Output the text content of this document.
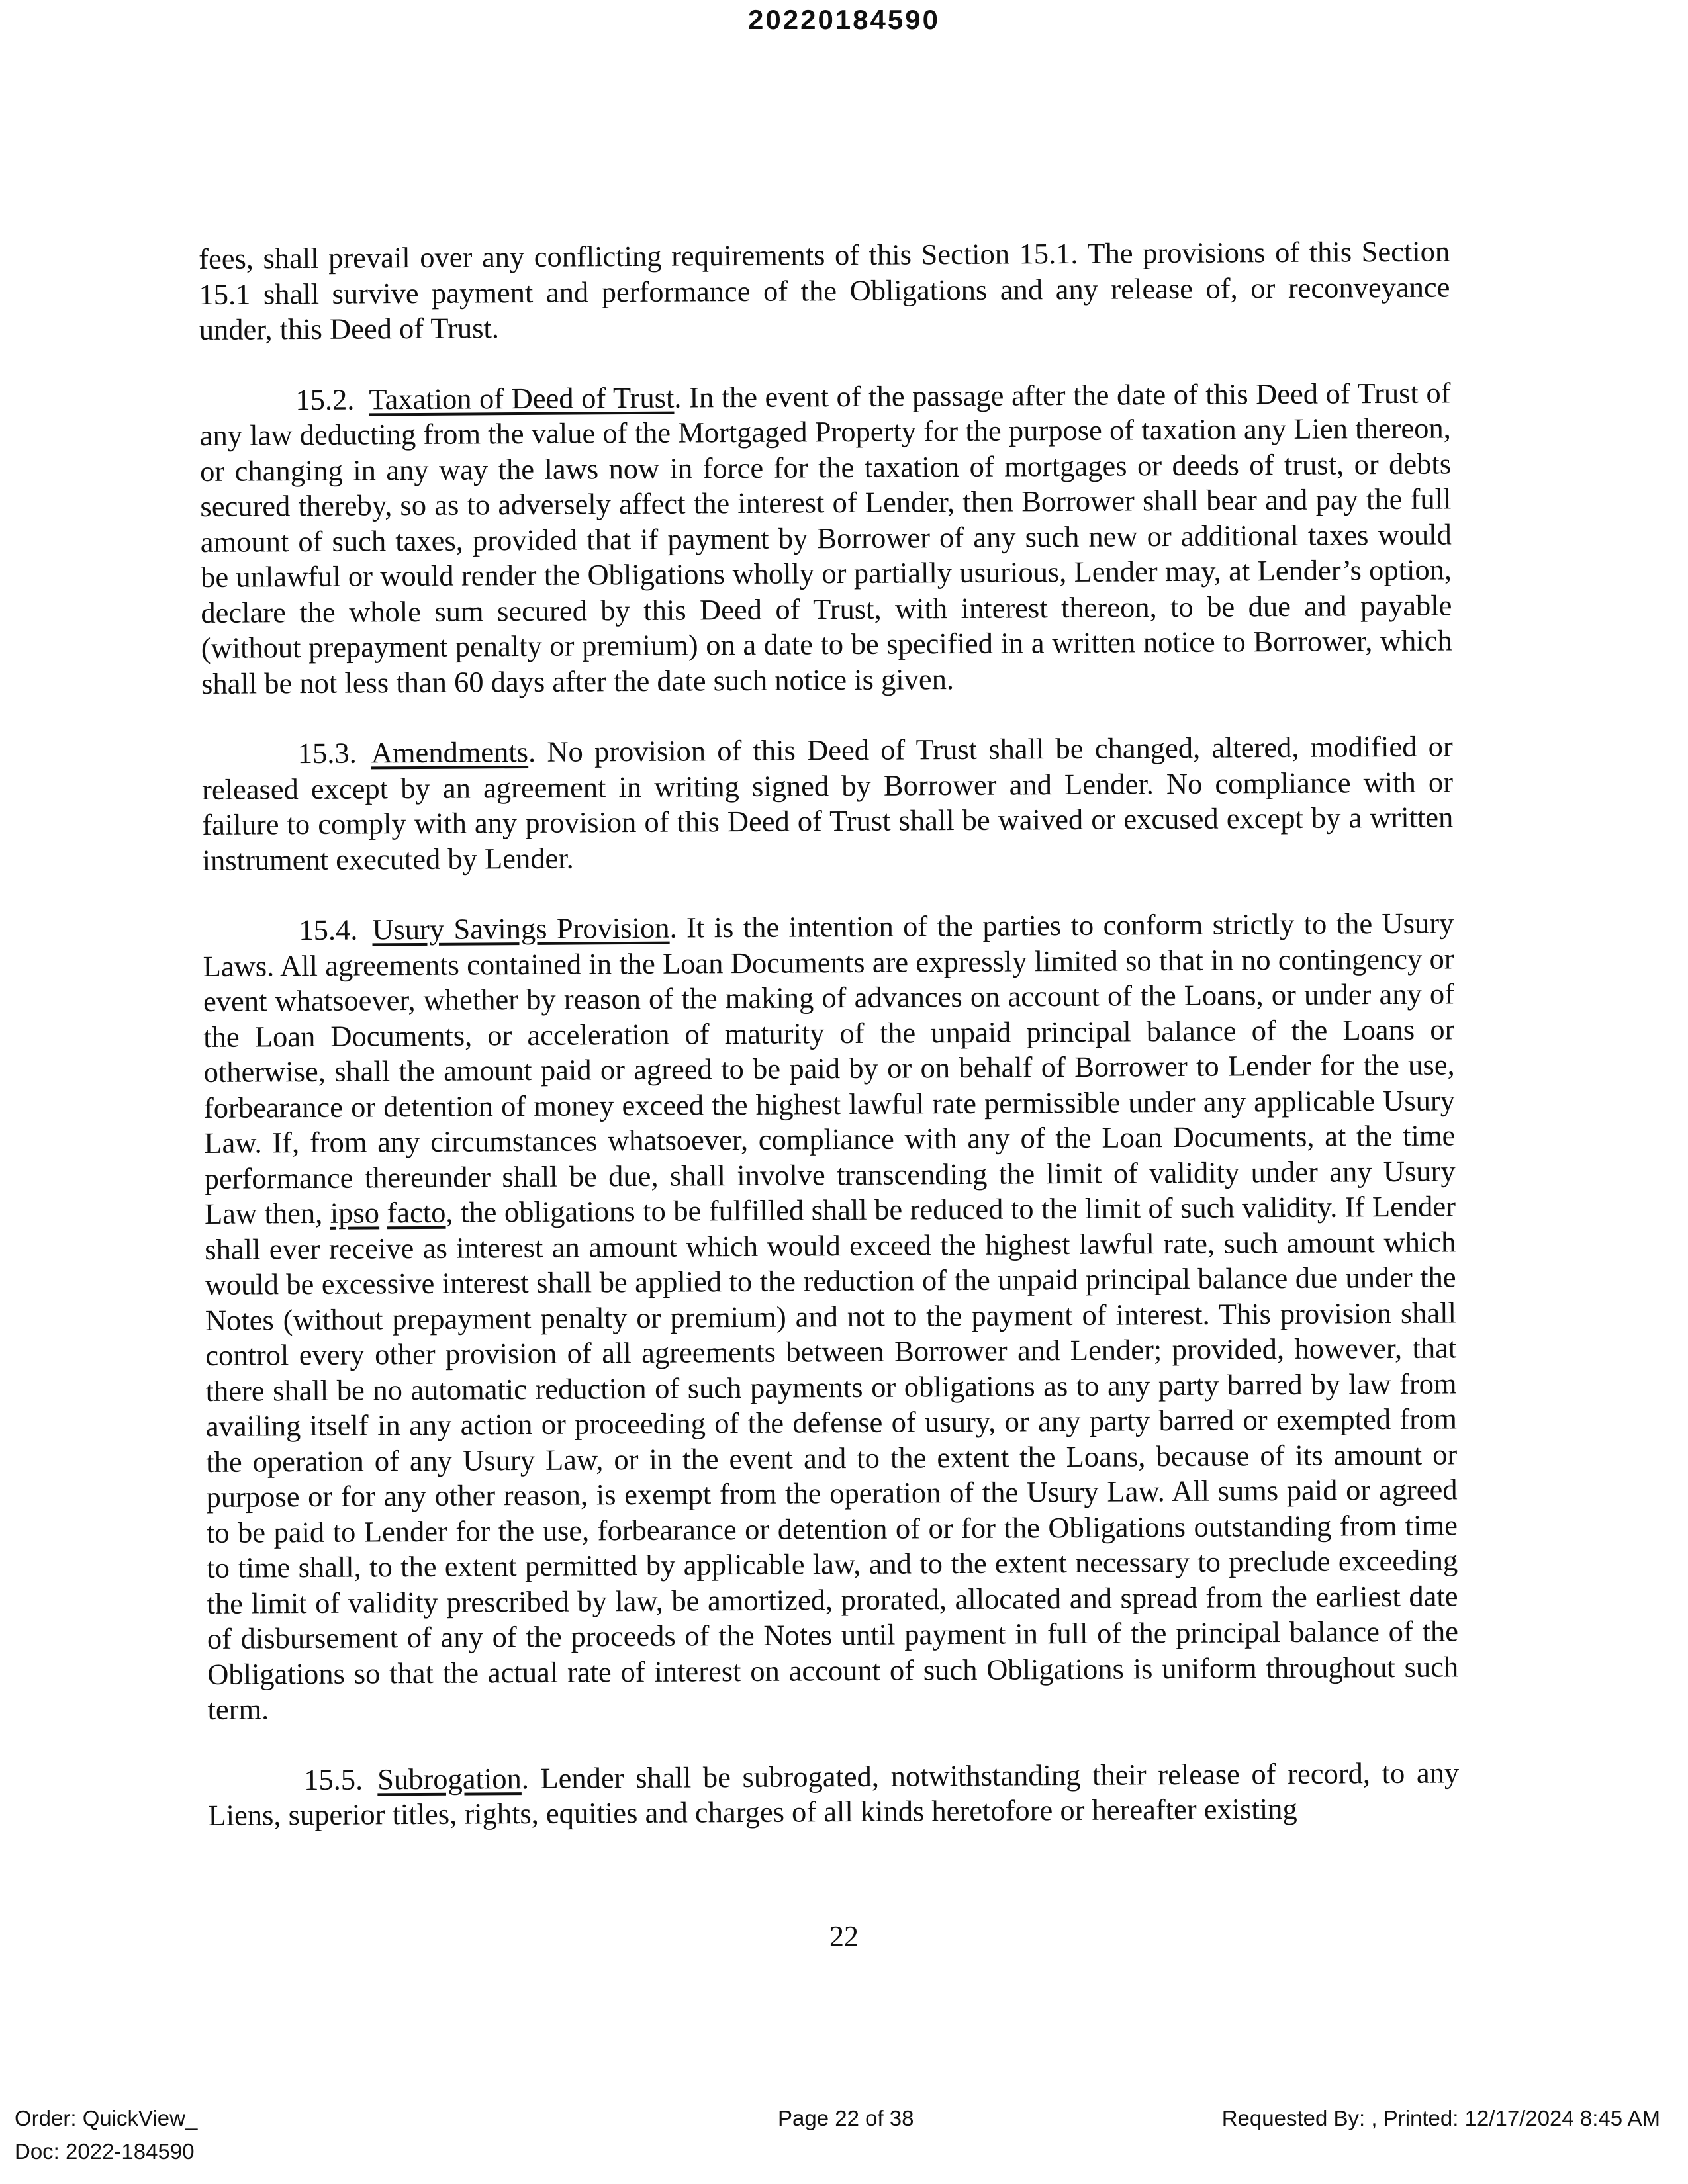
20220184590

fees, shall prevail over any conflicting requirements of this Section 15.1. The provisions of this Section 15.1 shall survive payment and performance of the Obligations and any release of, or reconveyance under, this Deed of Trust.

15.2. Taxation of Deed of Trust. In the event of the passage after the date of this Deed of Trust of any law deducting from the value of the Mortgaged Property for the purpose of taxation any Lien thereon, or changing in any way the laws now in force for the taxation of mortgages or deeds of trust, or debts secured thereby, so as to adversely affect the interest of Lender, then Borrower shall bear and pay the full amount of such taxes, provided that if payment by Borrower of any such new or additional taxes would be unlawful or would render the Obligations wholly or partially usurious, Lender may, at Lender’s option, declare the whole sum secured by this Deed of Trust, with interest thereon, to be due and payable (without prepayment penalty or premium) on a date to be specified in a written notice to Borrower, which shall be not less than 60 days after the date such notice is given.

15.3. Amendments. No provision of this Deed of Trust shall be changed, altered, modified or released except by an agreement in writing signed by Borrower and Lender. No compliance with or failure to comply with any provision of this Deed of Trust shall be waived or excused except by a written instrument executed by Lender.

15.4. Usury Savings Provision. It is the intention of the parties to conform strictly to the Usury Laws. All agreements contained in the Loan Documents are expressly limited so that in no contingency or event whatsoever, whether by reason of the making of advances on account of the Loans, or under any of the Loan Documents, or acceleration of maturity of the unpaid principal balance of the Loans or otherwise, shall the amount paid or agreed to be paid by or on behalf of Borrower to Lender for the use, forbearance or detention of money exceed the highest lawful rate permissible under any applicable Usury Law. If, from any circumstances whatsoever, compliance with any of the Loan Documents, at the time performance thereunder shall be due, shall involve transcending the limit of validity under any Usury Law then, ipso facto, the obligations to be fulfilled shall be reduced to the limit of such validity. If Lender shall ever receive as interest an amount which would exceed the highest lawful rate, such amount which would be excessive interest shall be applied to the reduction of the unpaid principal balance due under the Notes (without prepayment penalty or premium) and not to the payment of interest. This provision shall control every other provision of all agreements between Borrower and Lender; provided, however, that there shall be no automatic reduction of such payments or obligations as to any party barred by law from availing itself in any action or proceeding of the defense of usury, or any party barred or exempted from the operation of any Usury Law, or in the event and to the extent the Loans, because of its amount or purpose or for any other reason, is exempt from the operation of the Usury Law. All sums paid or agreed to be paid to Lender for the use, forbearance or detention of or for the Obligations outstanding from time to time shall, to the extent permitted by applicable law, and to the extent necessary to preclude exceeding the limit of validity prescribed by law, be amortized, prorated, allocated and spread from the earliest date of disbursement of any of the proceeds of the Notes until payment in full of the principal balance of the Obligations so that the actual rate of interest on account of such Obligations is uniform throughout such term.

15.5. Subrogation. Lender shall be subrogated, notwithstanding their release of record, to any Liens, superior titles, rights, equities and charges of all kinds heretofore or hereafter existing

22
Order: QuickView_
Doc: 2022-184590
Page 22 of 38	Requested By: , Printed: 12/17/2024 8:45 AM
